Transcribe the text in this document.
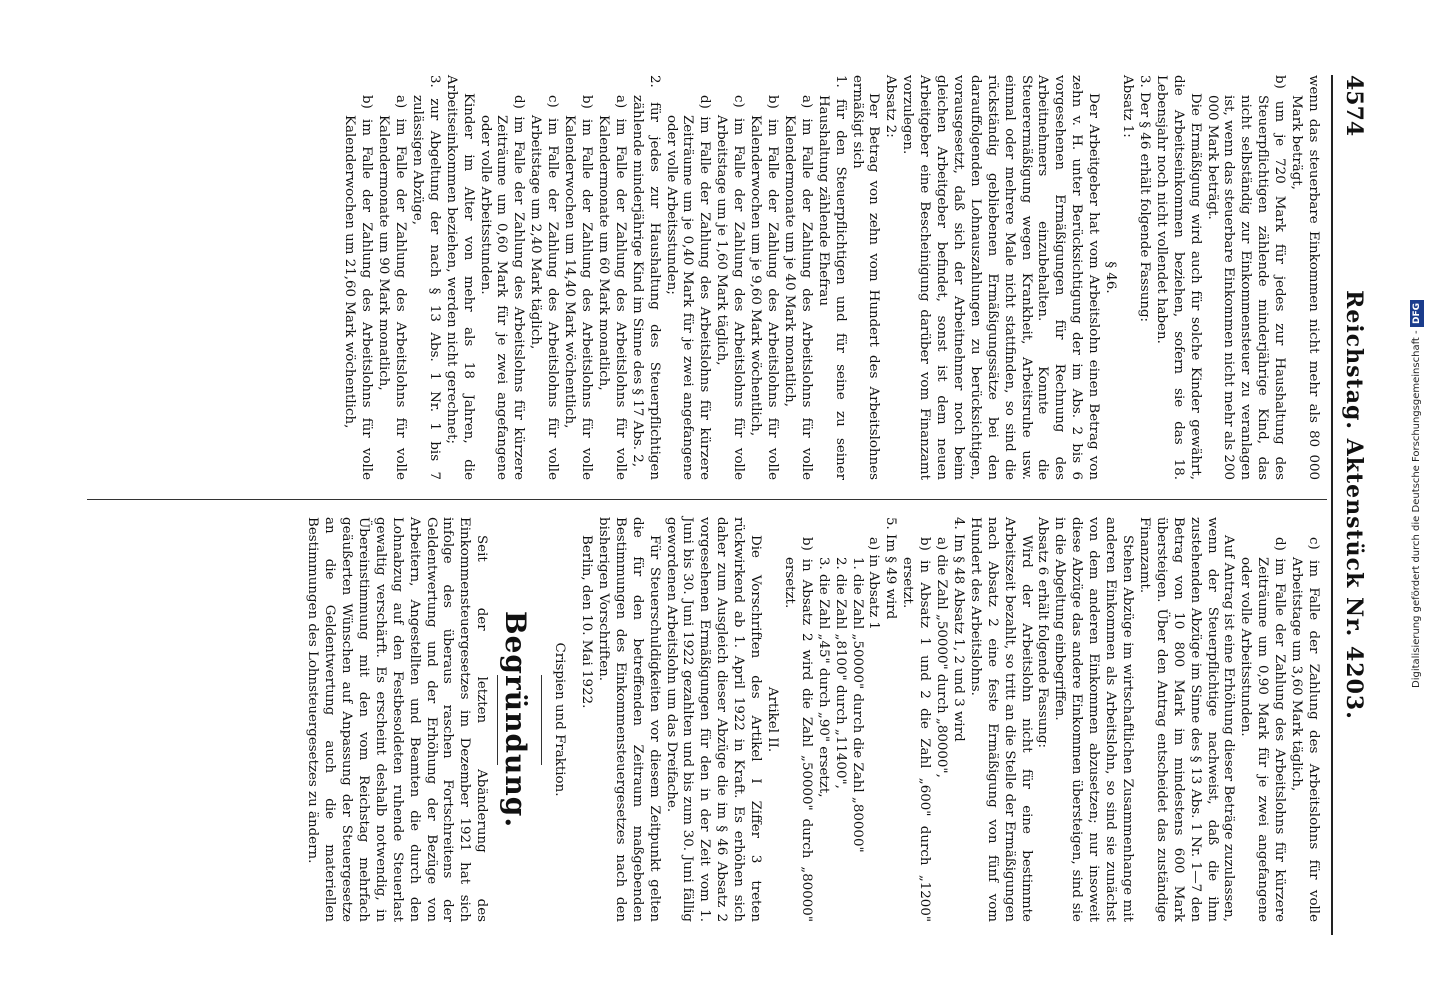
4574
Reichstag. Aktenstück Nr. 4203.

wenn das steuerbare Einkommen nicht mehr als 80 000 Mark beträgt,

b) um je 720 Mark für jedes zur Haushaltung des Steuerpflichtigen zählende minderjährige Kind, das nicht selbständig zur Einkommensteuer zu veranlagen ist, wenn das steuerbare Einkommen nicht mehr als 200 000 Mark beträgt.

Die Ermäßigung wird auch für solche Kinder gewährt, die Arbeitseinkommen beziehen, sofern sie das 18. Lebensjahr noch nicht vollendet haben.

3. Der § 46 erhält folgende Fassung:

Absatz 1:

§ 46.

Der Arbeitgeber hat vom Arbeitslohn einen Betrag von zehn v. H. unter Berücksichtigung der im Abs. 2 bis 6 vorgesehenen Ermäßigungen für Rechnung des Arbeitnehmers einzubehalten. Konnte die Steuerermäßigung wegen Krankheit, Arbeitsruhe usw. einmal oder mehrere Male nicht stattfinden, so sind die rückständig gebliebenen Ermäßigungssätze bei den darauffolgenden Lohnauszahlungen zu berücksichtigen, vorausgesetzt, daß sich der Arbeitnehmer noch beim gleichen Arbeitgeber befindet, sonst ist dem neuen Arbeitgeber eine Bescheinigung darüber vom Finanzamt vorzulegen.

Absatz 2:

Der Betrag von zehn vom Hundert des Arbeitslohnes ermäßigt sich

1. für den Steuerpflichtigen und für seine zu seiner Haushaltung zählende Ehefrau

a) im Falle der Zahlung des Arbeitslohns für volle Kalendermonate um je 40 Mark monatlich,

b) im Falle der Zahlung des Arbeitslohns für volle Kalenderwochen um je 9,60 Mark wöchentlich,

c) im Falle der Zahlung des Arbeitslohns für volle Arbeitstage um je 1,60 Mark täglich,

d) im Falle der Zahlung des Arbeitslohns für kürzere Zeiträume um je 0,40 Mark für je zwei angefangene oder volle Arbeitsstunden;

2. für jedes zur Haushaltung des Steuerpflichtigen zählende minderjährige Kind im Sinne des § 17 Abs. 2,

a) im Falle der Zahlung des Arbeitslohns für volle Kalendermonate um 60 Mark monatlich,

b) im Falle der Zahlung des Arbeitslohns für volle Kalenderwochen um 14,40 Mark wöchentlich,

c) im Falle der Zahlung des Arbeitslohns für volle Arbeitstage um 2,40 Mark täglich,

d) im Falle der Zahlung des Arbeitslohns für kürzere Zeiträume um 0,60 Mark für je zwei angefangene oder volle Arbeitsstunden.

Kinder im Alter von mehr als 18 Jahren, die Arbeitseinkommen beziehen, werden nicht gerechnet;

3. zur Abgeltung der nach § 13 Abs. 1 Nr. 1 bis 7 zulässigen Abzüge,

a) im Falle der Zahlung des Arbeitslohns für volle Kalendermonate um 90 Mark monatlich,

b) im Falle der Zahlung des Arbeitslohns für volle Kalenderwochen um 21,60 Mark wöchentlich,

c) im Falle der Zahlung des Arbeitslohns für volle Arbeitstage um 3,60 Mark täglich,

d) im Falle der Zahlung des Arbeitslohns für kürzere Zeiträume um 0,90 Mark für je zwei angefangene oder volle Arbeitsstunden.

Auf Antrag ist eine Erhöhung dieser Beträge zuzulassen, wenn der Steuerpflichtige nachweist, daß die ihm zustehenden Abzüge im Sinne des § 13 Abs. 1 Nr. 1—7 den Betrag von 10 800 Mark im mindestens 600 Mark übersteigen. Über den Antrag entscheidet das zuständige Finanzamt.

Stehen Abzüge im wirtschaftlichen Zusammenhange mit anderen Einkommen als Arbeitslohn, so sind sie zunächst von dem anderen Einkommen abzusetzen; nur insoweit diese Abzüge das andere Einkommen übersteigen, sind sie in die Abgeltung einbegriffen.

Absatz 6 erhält folgende Fassung:

Wird der Arbeitslohn nicht für eine bestimmte Arbeitszeit bezahlt, so tritt an die Stelle der Ermäßigungen nach Absatz 2 eine feste Ermäßigung von fünf vom Hundert des Arbeitslohns.

4. Im § 48 Absatz 1, 2 und 3 wird

a) die Zahl „50000" durch „80000",

b) in Absatz 1 und 2 die Zahl „600" durch „1200" ersetzt.

5. Im § 49 wird

a) in Absatz 1

1. die Zahl „50000" durch die Zahl „80000"

2. die Zahl „8100" durch „11400",

3. die Zahl „45" durch „90" ersetzt,

b) in Absatz 2 wird die Zahl „50000" durch „80000" ersetzt.

Artikel II.

Die Vorschriften des Artikel I Ziffer 3 treten rückwirkend ab 1. April 1922 in Kraft. Es erhöhen sich daher zum Ausgleich dieser Abzüge die im § 46 Absatz 2 vorgesehenen Ermäßigungen für den in der Zeit vom 1. Juni bis 30. Juni 1922 gezahlten und bis zum 30. Juni fällig gewordenen Arbeitslohn um das Dreifache.

Für Steuerschuldigkeiten vor diesem Zeitpunkt gelten die für den betreffenden Zeitraum maßgebenden Bestimmungen des Einkommensteuergesetzes nach den bisherigen Vorschriften.

Berlin, den 10. Mai 1922.

Crispien und Fraktion.

Begründung.

Seit der letzten Abänderung des Einkommensteuergesetzes im Dezember 1921 hat sich infolge des überaus raschen Fortschreitens der Geldentwertung und der Erhöhung der Bezüge von Arbeitern, Angestellten und Beamten die durch den Lohnabzug auf den Festbesoldeten ruhende Steuerlast gewaltig verschärft. Es erscheint deshalb notwendig, in Übereinstimmung mit den vom Reichstag mehrfach geäußerten Wünschen auf Anpassung der Steuergesetze an die Geldentwertung auch die materiellen Bestimmungen des Lohnsteuergesetzes zu ändern.

Digitalisierung gefördert durch die Deutsche Forschungsgemeinschaft - DFG
